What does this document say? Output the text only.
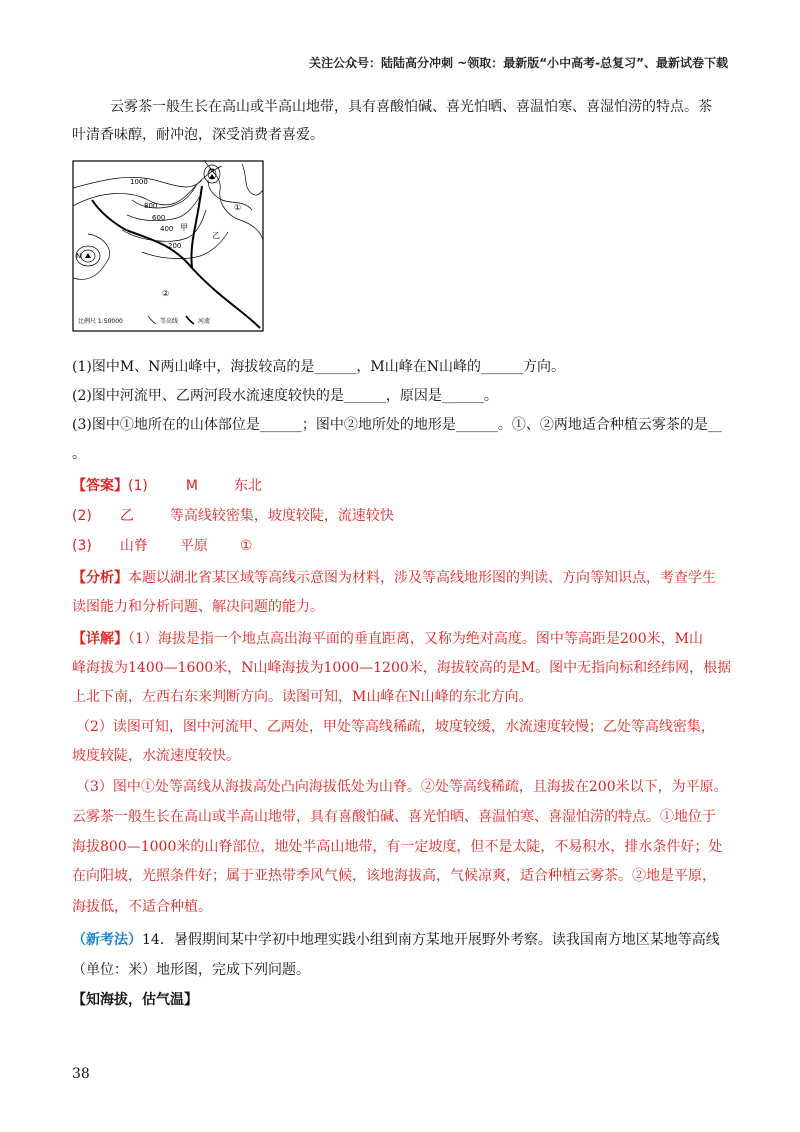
关注公众号：陆陆高分冲刺 ~领取：最新版“小中高考-总复习”、最新试卷下载
云雾茶一般生长在高山或半高山地带，具有喜酸怕碱、喜光怕晒、喜温怕寒、喜湿怕涝的特点。茶
叶清香味醇，耐冲泡，深受消费者喜爱。
1000
800
600
400
200
甲
乙
M
N
①
②
比例尺 1:50000	等高线	河流
(1)图中M、N两山峰中，海拔较高的是______，M山峰在N山峰的______方向。
(2)图中河流甲、乙两河段水流速度较快的是______，原因是______。
(3)图中①地所在的山体部位是______；图中②地所处的地形是______。①、②两地适合种植云雾茶的是__
。
【答案】(1)	M	东北
(2) 乙	等高线较密集，坡度较陡，流速较快
(3) 山脊 平原 ①
【分析】本题以湖北省某区域等高线示意图为材料，涉及等高线地形图的判读、方向等知识点，考查学生
读图能力和分析问题、解决问题的能力。
【详解】（1）海拔是指一个地点高出海平面的垂直距离，又称为绝对高度。图中等高距是200米，M山
峰海拔为1400—1600米，N山峰海拔为1000—1200米，海拔较高的是M。图中无指向标和经纬网，根据
上北下南，左西右东来判断方向。读图可知，M山峰在N山峰的东北方向。
（2）读图可知，图中河流甲、乙两处，甲处等高线稀疏，坡度较缓，水流速度较慢；乙处等高线密集，
坡度较陡，水流速度较快。
（3）图中①处等高线从海拔高处凸向海拔低处为山脊。②处等高线稀疏，且海拔在200米以下，为平原。
云雾茶一般生长在高山或半高山地带，具有喜酸怕碱、喜光怕晒、喜温怕寒、喜湿怕涝的特点。①地位于
海拔800—1000米的山脊部位，地处半高山地带，有一定坡度，但不是太陡，不易积水，排水条件好；处
在向阳坡，光照条件好；属于亚热带季风气候，该地海拔高，气候凉爽，适合种植云雾茶。②地是平原，
海拔低，不适合种植。
（新考法）14．暑假期间某中学初中地理实践小组到南方某地开展野外考察。读我国南方地区某地等高线
（单位：米）地形图，完成下列问题。
【知海拔，估气温】
38
